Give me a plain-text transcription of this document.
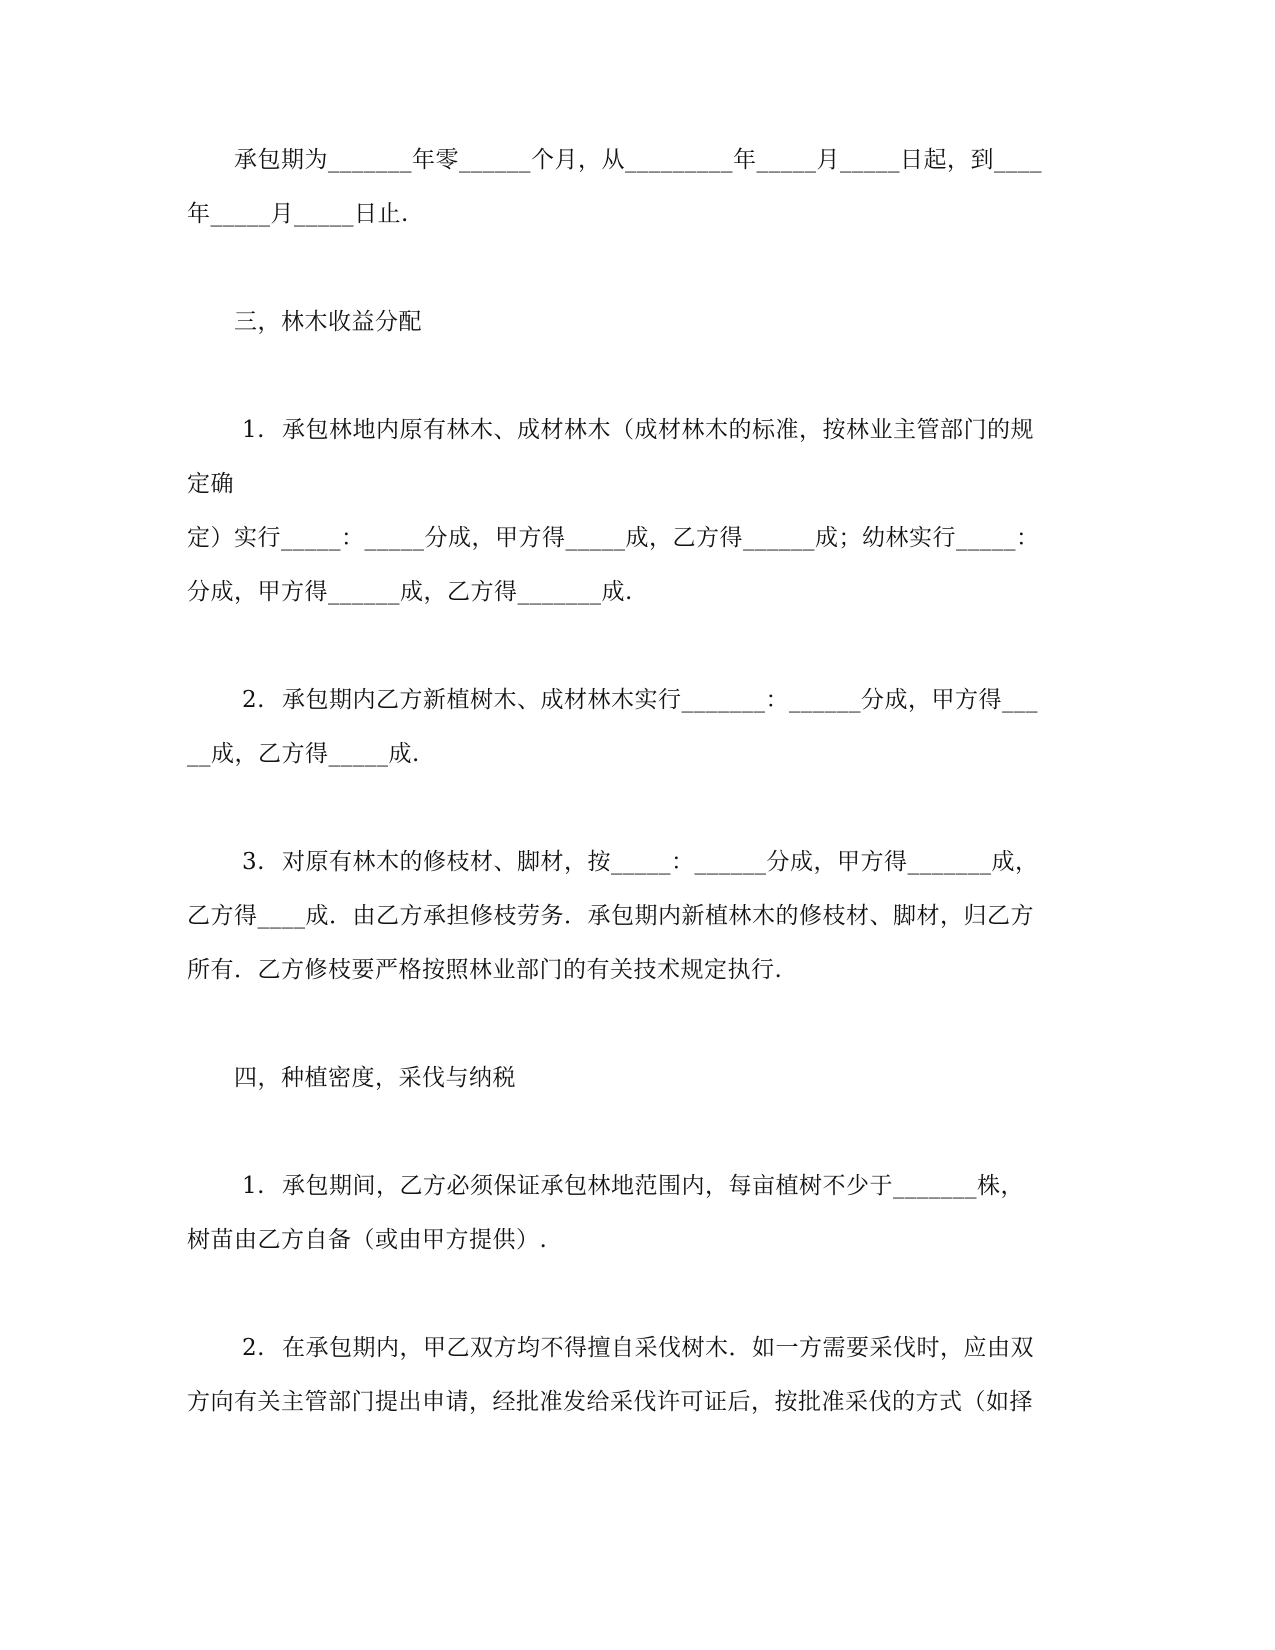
承包期为_______年零______个月，从_________年_____月_____日起，到____
年_____月_____日止.
三，林木收益分配
1. 承包林地内原有林木、成材林木（成材林木的标准，按林业主管部门的规
定确
定）实行_____：_____分成，甲方得_____成，乙方得______成；幼林实行_____：
分成，甲方得______成，乙方得_______成.
2. 承包期内乙方新植树木、成材林木实行_______：______分成，甲方得___
__成，乙方得_____成.
3. 对原有林木的修枝材、脚材，按_____：______分成，甲方得_______成，
乙方得____成．由乙方承担修枝劳务．承包期内新植林木的修枝材、脚材，归乙方
所有．乙方修枝要严格按照林业部门的有关技术规定执行.
四，种植密度，采伐与纳税
1. 承包期间，乙方必须保证承包林地范围内，每亩植树不少于_______株，
树苗由乙方自备（或由甲方提供）.
2. 在承包期内，甲乙双方均不得擅自采伐树木．如一方需要采伐时，应由双
方向有关主管部门提出申请，经批准发给采伐许可证后，按批准采伐的方式（如择
